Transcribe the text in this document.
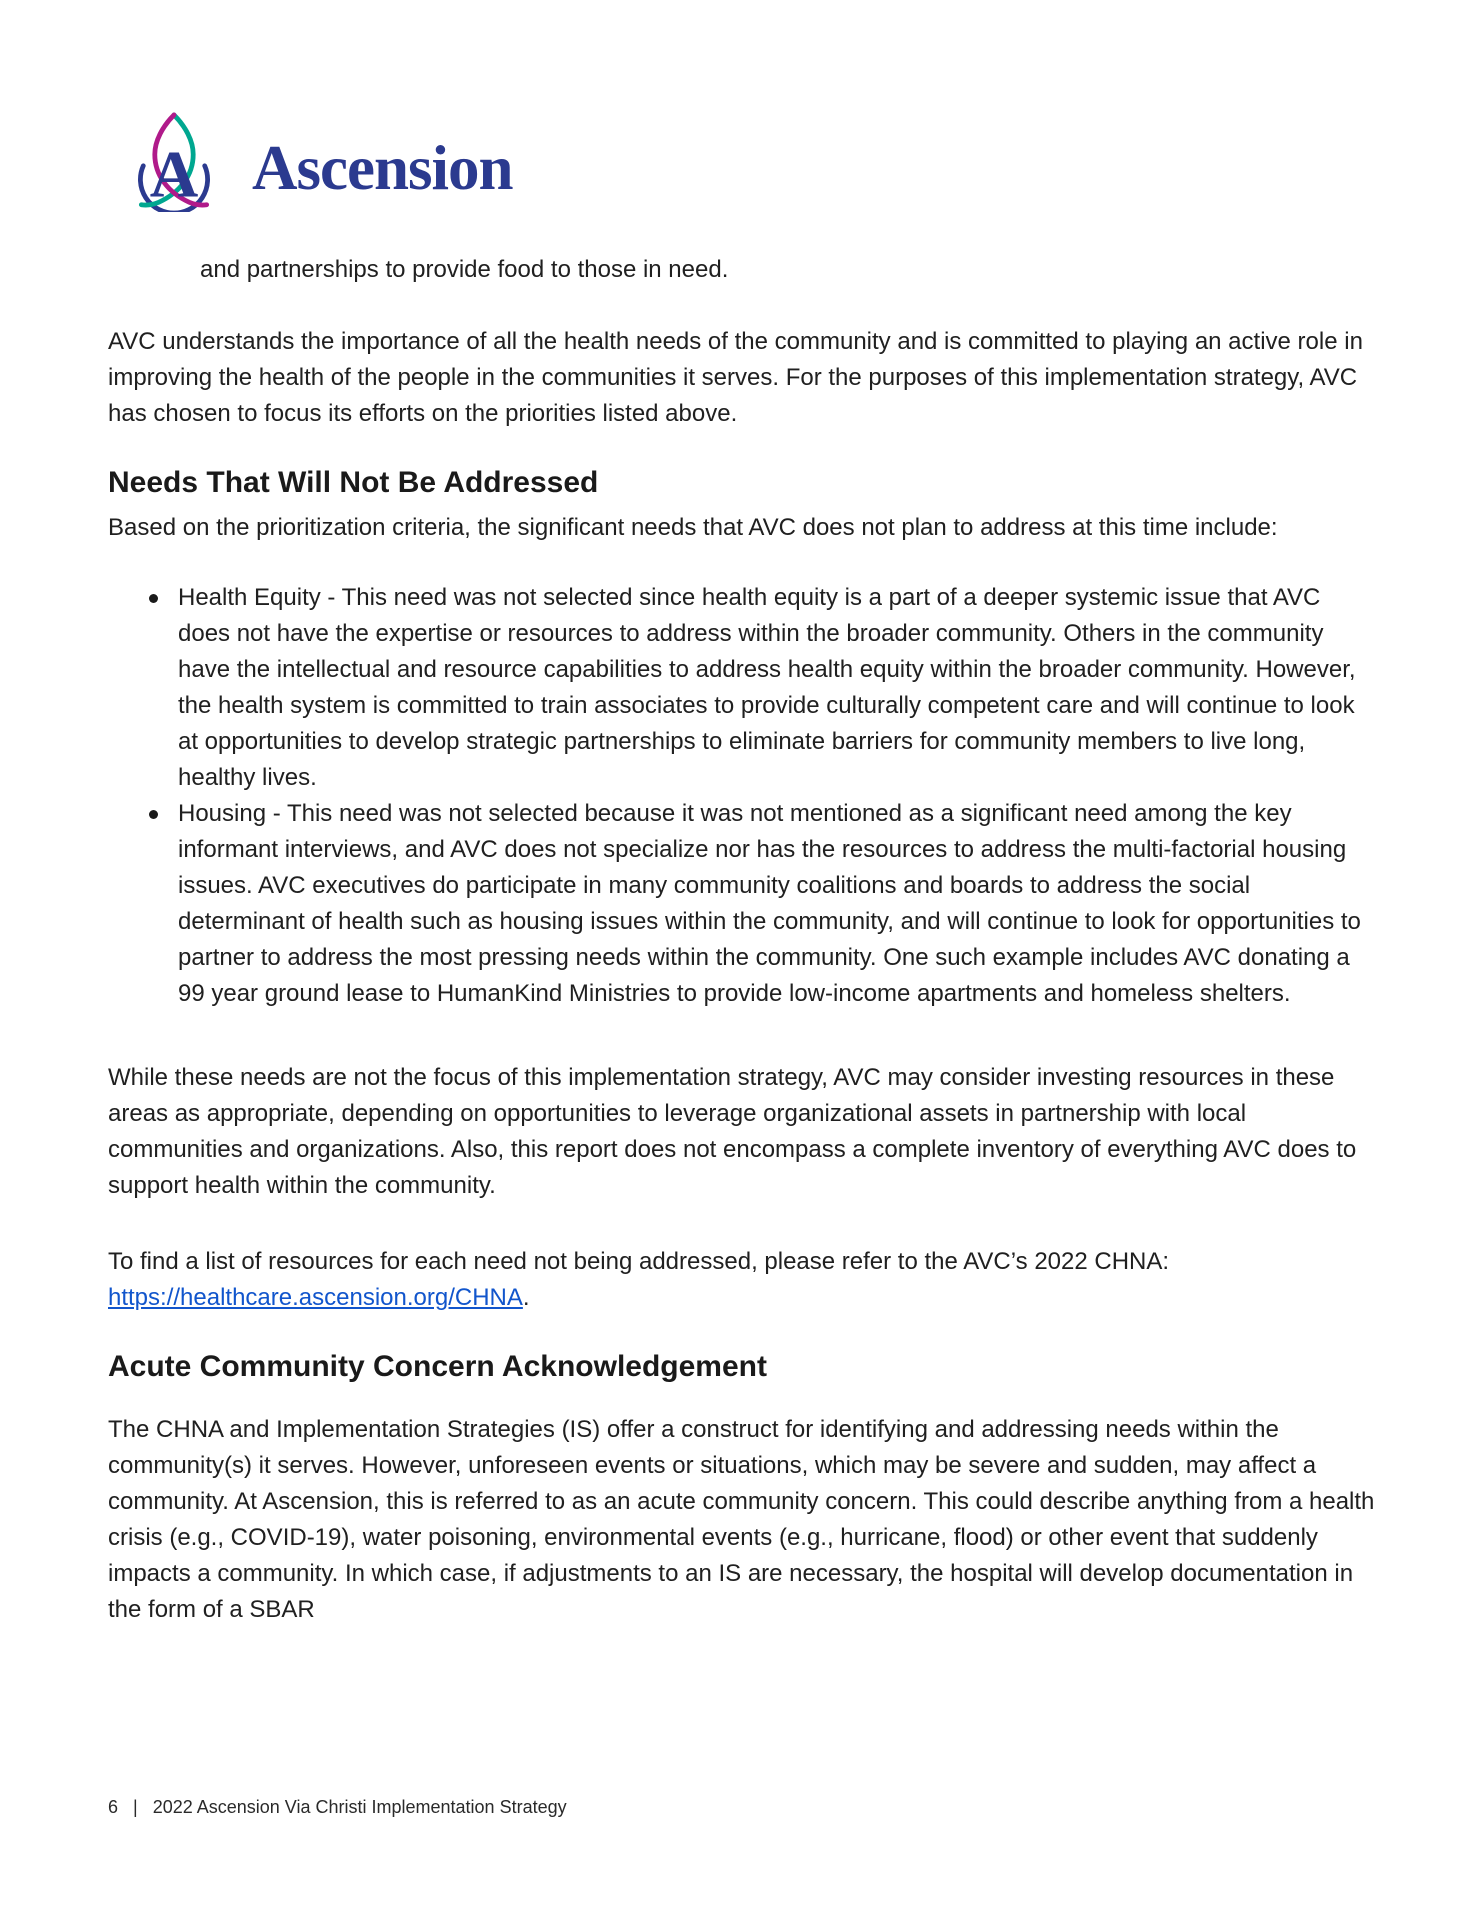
A Ascension
and partnerships to provide food to those in need.

AVC understands the importance of all the health needs of the community and is committed to playing an active role in improving the health of the people in the communities it serves. For the purposes of this implementation strategy, AVC has chosen to focus its efforts on the priorities listed above.

Needs That Will Not Be Addressed

Based on the prioritization criteria, the significant needs that AVC does not plan to address at this time include:

Health Equity - This need was not selected since health equity is a part of a deeper systemic issue that AVC does not have the expertise or resources to address within the broader community. Others in the community have the intellectual and resource capabilities to address health equity within the broader community. However, the health system is committed to train associates to provide culturally competent care and will continue to look at opportunities to develop strategic partnerships to eliminate barriers for community members to live long, healthy lives.
Housing - This need was not selected because it was not mentioned as a significant need among the key informant interviews, and AVC does not specialize nor has the resources to address the multi-factorial housing issues. AVC executives do participate in many community coalitions and boards to address the social determinant of health such as housing issues within the community, and will continue to look for opportunities to partner to address the most pressing needs within the community. One such example includes AVC donating a 99 year ground lease to HumanKind Ministries to provide low-income apartments and homeless shelters.

While these needs are not the focus of this implementation strategy, AVC may consider investing resources in these areas as appropriate, depending on opportunities to leverage organizational assets in partnership with local communities and organizations. Also, this report does not encompass a complete inventory of everything AVC does to support health within the community.

To find a list of resources for each need not being addressed, please refer to the AVC’s 2022 CHNA: https://healthcare.ascension.org/CHNA.

Acute Community Concern Acknowledgement

The CHNA and Implementation Strategies (IS) offer a construct for identifying and addressing needs within the community(s) it serves. However, unforeseen events or situations, which may be severe and sudden, may affect a community. At Ascension, this is referred to as an acute community concern. This could describe anything from a health crisis (e.g., COVID-19), water poisoning, environmental events (e.g., hurricane, flood) or other event that suddenly impacts a community. In which case, if adjustments to an IS are necessary, the hospital will develop documentation in the form of a SBAR

6 | 2022 Ascension Via Christi Implementation Strategy
